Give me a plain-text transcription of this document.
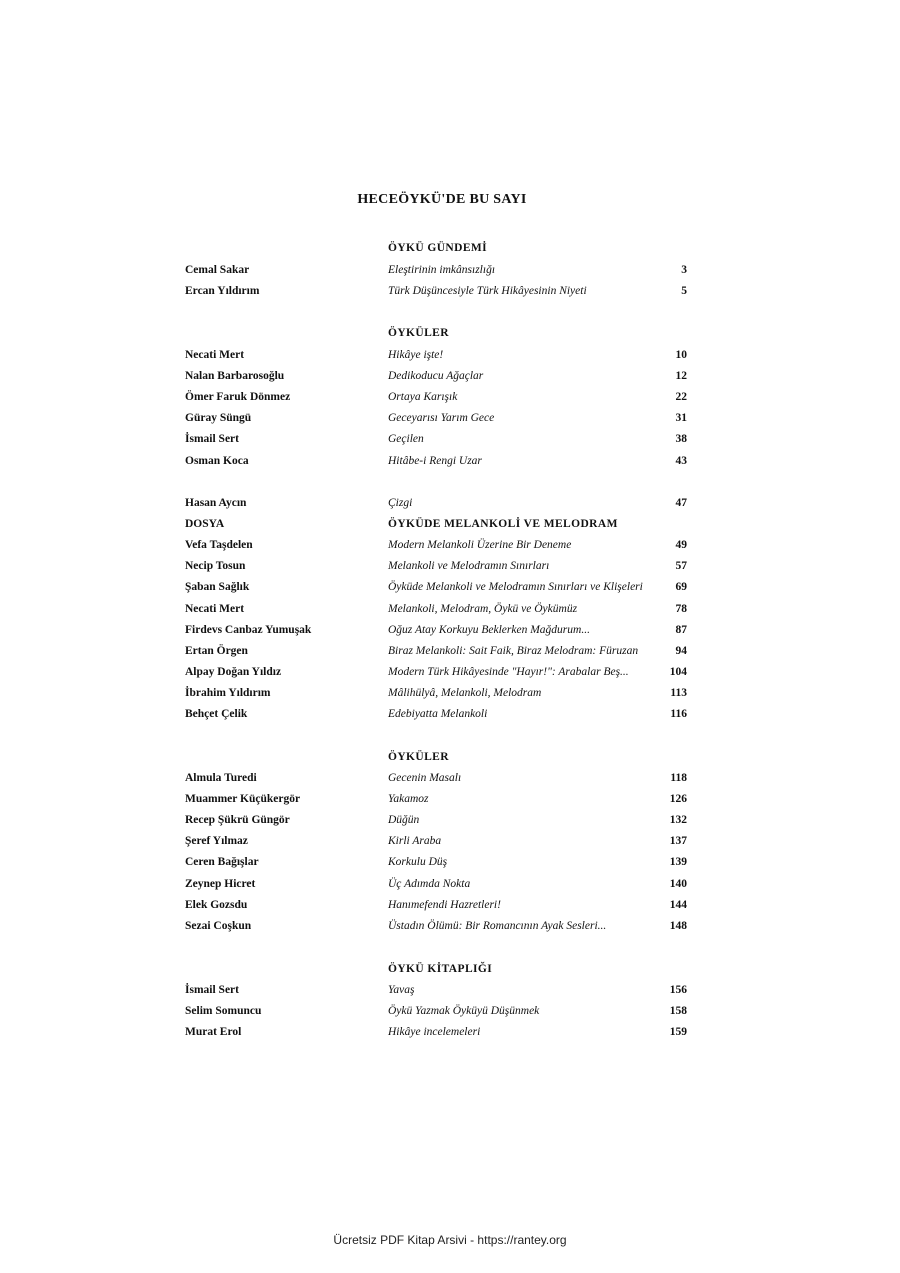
HECEÖYKÜ'DE BU SAYI
ÖYKÜ GÜNDEMİ
Cemal Sakar	Eleştirinin imkânsızlığı	3
Ercan Yıldırım	Türk Düşüncesiyle Türk Hikâyesinin Niyeti	5
ÖYKÜLER
Necati Mert	Hikâye işte!	10
Nalan Barbarosoğlu	Dedikoducu Ağaçlar	12
Ömer Faruk Dönmez	Ortaya Karışık	22
Güray Süngü	Geceyarısı Yarım Gece	31
İsmail Sert	Geçilen	38
Osman Koca	Hitâbe-i Rengi Uzar	43
Hasan Aycın	Çizgi	47
DOSYA	ÖYKÜDE MELANKOLİ VE MELODRAM
Vefa Taşdelen	Modern Melankoli Üzerine Bir Deneme	49
Necip Tosun	Melankoli ve Melodramın Sınırları	57
Şaban Sağlık	Öyküde Melankoli ve Melodramın Sınırları ve Klişeleri	69
Necati Mert	Melankoli, Melodram, Öykü ve Öykümüz	78
Firdevs Canbaz Yumuşak	Oğuz Atay Korkuyu Beklerken Mağdurum...	87
Ertan Örgen	Biraz Melankoli: Sait Faik, Biraz Melodram: Füruzan	94
Alpay Doğan Yıldız	Modern Türk Hikâyesinde "Hayır!": Arabalar Beş...	104
İbrahim Yıldırım	Mâlihülyâ, Melankoli, Melodram	113
Behçet Çelik	Edebiyatta Melankoli	116
ÖYKÜLER
Almula Turedi	Gecenin Masalı	118
Muammer Küçükergör	Yakamoz	126
Recep Şükrü Güngör	Düğün	132
Şeref Yılmaz	Kirli Araba	137
Ceren Bağışlar	Korkulu Düş	139
Zeynep Hicret	Üç Adımda Nokta	140
Elek Gozsdu	Hanımefendi Hazretleri!	144
Sezai Coşkun	Üstadın Ölümü: Bir Romancının Ayak Sesleri...	148
ÖYKÜ KİTAPLIĞI
İsmail Sert	Yavaş	156
Selim Somuncu	Öykü Yazmak Öyküyü Düşünmek	158
Murat Erol	Hikâye incelemeleri	159
Ücretsiz PDF Kitap Arsivi - https://rantey.org
